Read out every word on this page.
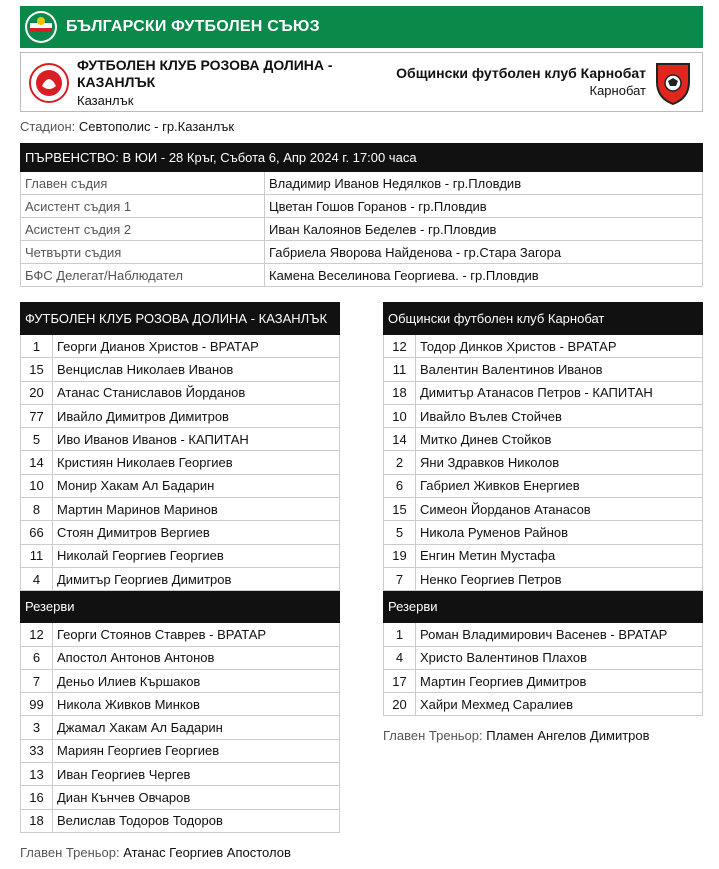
БЪЛГАРСКИ ФУТБОЛЕН СЪЮЗ
ФУТБОЛЕН КЛУБ РОЗОВА ДОЛИНА - КАЗАНЛЪК
Казанлък
Общински футболен клуб Карнобат
Карнобат
Стадион: Севтополис - гр.Казанлък
ПЪРВЕНСТВО: В ЮИ - 28 Кръг, Събота 6, Апр 2024 г. 17:00 часа	
Главен съдия	Владимир Иванов Недялков - гр.Пловдив
Асистент съдия 1	Цветан Гошов Горанов - гр.Пловдив
Асистент съдия 2	Иван Калоянов Беделев - гр.Пловдив
Четвърти съдия	Габриела Яворова Найденова - гр.Стара Загора
БФС Делегат/Наблюдател	Камена Веселинова Георгиева. - гр.Пловдив
ФУТБОЛЕН КЛУБ РОЗОВА ДОЛИНА - КАЗАНЛЪК	
1	Георги Дианов Христов - ВРАТАР
15	Венцислав Николаев Иванов
20	Атанас Станиславов Йорданов
77	Ивайло Димитров Димитров
5	Иво Иванов Иванов - КАПИТАН
14	Кристиян Николаев Георгиев
10	Монир Хакам Ал Бадарин
8	Мартин Маринов Маринов
66	Стоян Димитров Вергиев
11	Николай Георгиев Георгиев
4	Димитър Георгиев Димитров
Резерви	
12	Георги Стоянов Ставрев - ВРАТАР
6	Апостол Антонов Антонов
7	Деньо Илиев Кършаков
99	Никола Живков Минков
3	Джамал Хакам Ал Бадарин
33	Мариян Георгиев Георгиев
13	Иван Георгиев Чергев
16	Диан Кънчев Овчаров
18	Велислав Тодоров Тодоров
Главен Треньор: Атанас Георгиев Апостолов
Общински футболен клуб Карнобат	
12	Тодор Динков Христов - ВРАТАР
11	Валентин Валентинов Иванов
18	Димитър Атанасов Петров - КАПИТАН
10	Ивайло Вълев Стойчев
14	Митко Динев Стойков
2	Яни Здравков Николов
6	Габриел Живков Енергиев
15	Симеон Йорданов Атанасов
5	Никола Руменов Райнов
19	Енгин Метин Мустафа
7	Ненко Георгиев Петров
Резерви	
1	Роман Владимирович Васенев - ВРАТАР
4	Христо Валентинов Плахов
17	Мартин Георгиев Димитров
20	Хайри Мехмед Саралиев
Главен Треньор: Пламен Ангелов Димитров
